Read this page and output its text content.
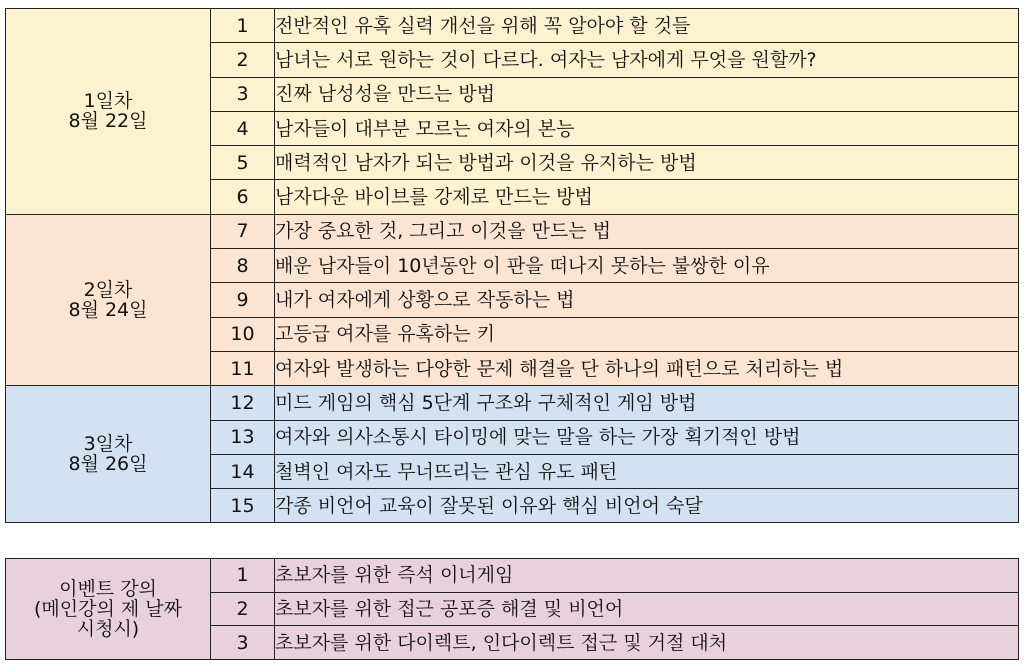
1일차
8월 22일	1	전반적인 유혹 실력 개선을 위해 꼭 알아야 할 것들
	2	남녀는 서로 원하는 것이 다르다. 여자는 남자에게 무엇을 원할까?
	3	진짜 남성성을 만드는 방법
	4	남자들이 대부분 모르는 여자의 본능
	5	매력적인 남자가 되는 방법과 이것을 유지하는 방법
	6	남자다운 바이브를 강제로 만드는 방법
2일차
8월 24일	7	가장 중요한 것, 그리고 이것을 만드는 법
	8	배운 남자들이 10년동안 이 판을 떠나지 못하는 불쌍한 이유
	9	내가 여자에게 상황으로 작동하는 법
	10	고등급 여자를 유혹하는 키
	11	여자와 발생하는 다양한 문제 해결을 단 하나의 패턴으로 처리하는 법
3일차
8월 26일	12	미드 게임의 핵심 5단계 구조와 구체적인 게임 방법
	13	여자와 의사소통시 타이밍에 맞는 말을 하는 가장 획기적인 방법
	14	철벽인 여자도 무너뜨리는 관심 유도 패턴
	15	각종 비언어 교육이 잘못된 이유와 핵심 비언어 숙달
이벤트 강의
(메인강의 제 날짜
시청시)	1	초보자를 위한 즉석 이너게임
	2	초보자를 위한 접근 공포증 해결 및 비언어
	3	초보자를 위한 다이렉트, 인다이렉트 접근 및 거절 대처
